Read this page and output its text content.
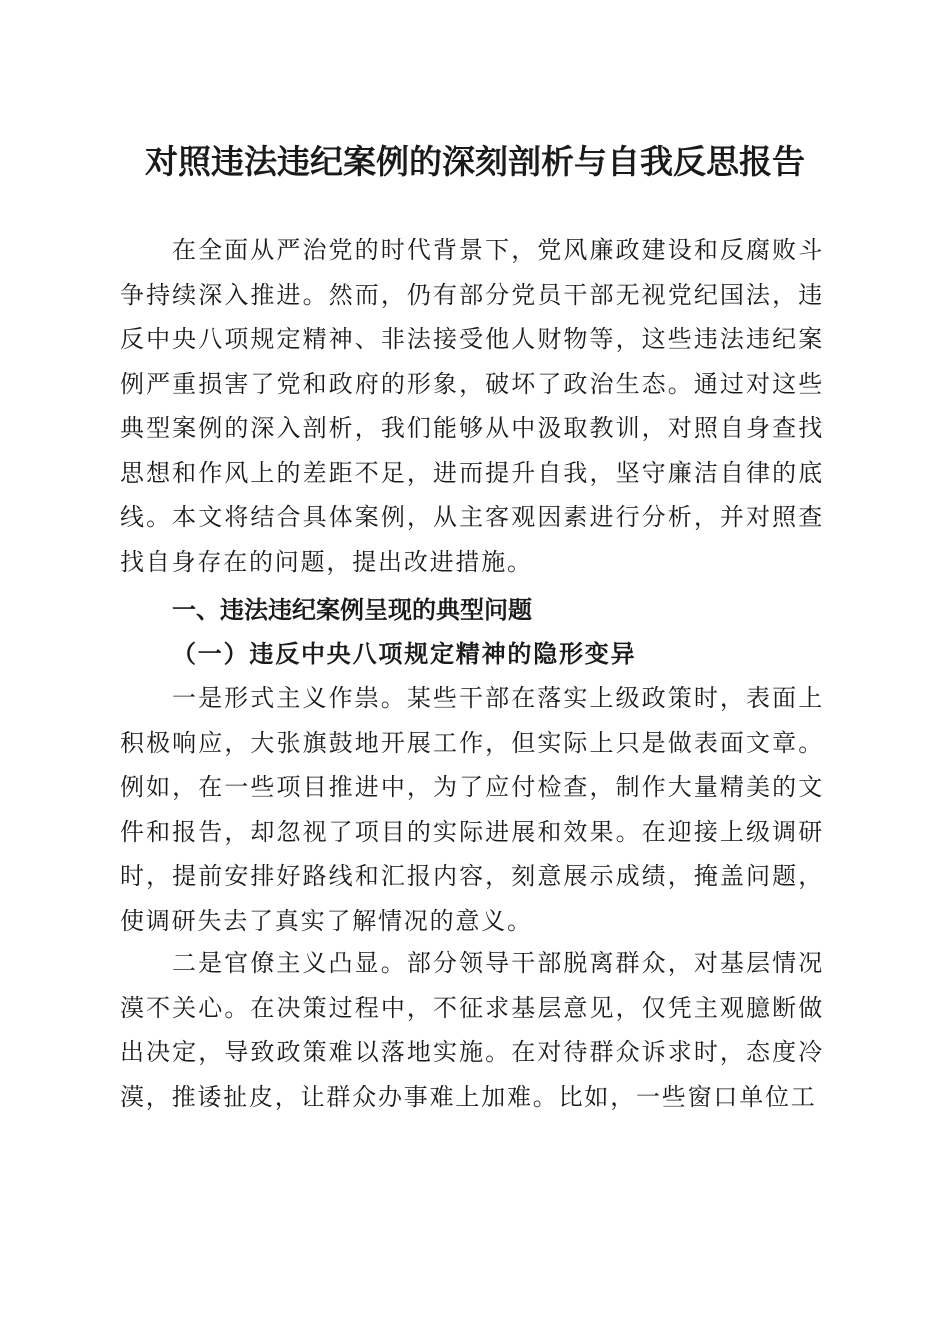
对照违法违纪案例的深刻剖析与自我反思报告

在全面从严治党的时代背景下，党风廉政建设和反腐败斗争持续深入推进。然而，仍有部分党员干部无视党纪国法，违反中央八项规定精神、非法接受他人财物等，这些违法违纪案例严重损害了党和政府的形象，破坏了政治生态。通过对这些典型案例的深入剖析，我们能够从中汲取教训，对照自身查找思想和作风上的差距不足，进而提升自我，坚守廉洁自律的底线。本文将结合具体案例，从主客观因素进行分析，并对照查找自身存在的问题，提出改进措施。

一、违法违纪案例呈现的典型问题
（一）违反中央八项规定精神的隐形变异

一是形式主义作祟。某些干部在落实上级政策时，表面上积极响应，大张旗鼓地开展工作，但实际上只是做表面文章。例如，在一些项目推进中，为了应付检查，制作大量精美的文件和报告，却忽视了项目的实际进展和效果。在迎接上级调研时，提前安排好路线和汇报内容，刻意展示成绩，掩盖问题，使调研失去了真实了解情况的意义。

二是官僚主义凸显。部分领导干部脱离群众，对基层情况漠不关心。在决策过程中，不征求基层意见，仅凭主观臆断做出决定，导致政策难以落地实施。在对待群众诉求时，态度冷漠，推诿扯皮，让群众办事难上加难。比如，一些窗口单位工
